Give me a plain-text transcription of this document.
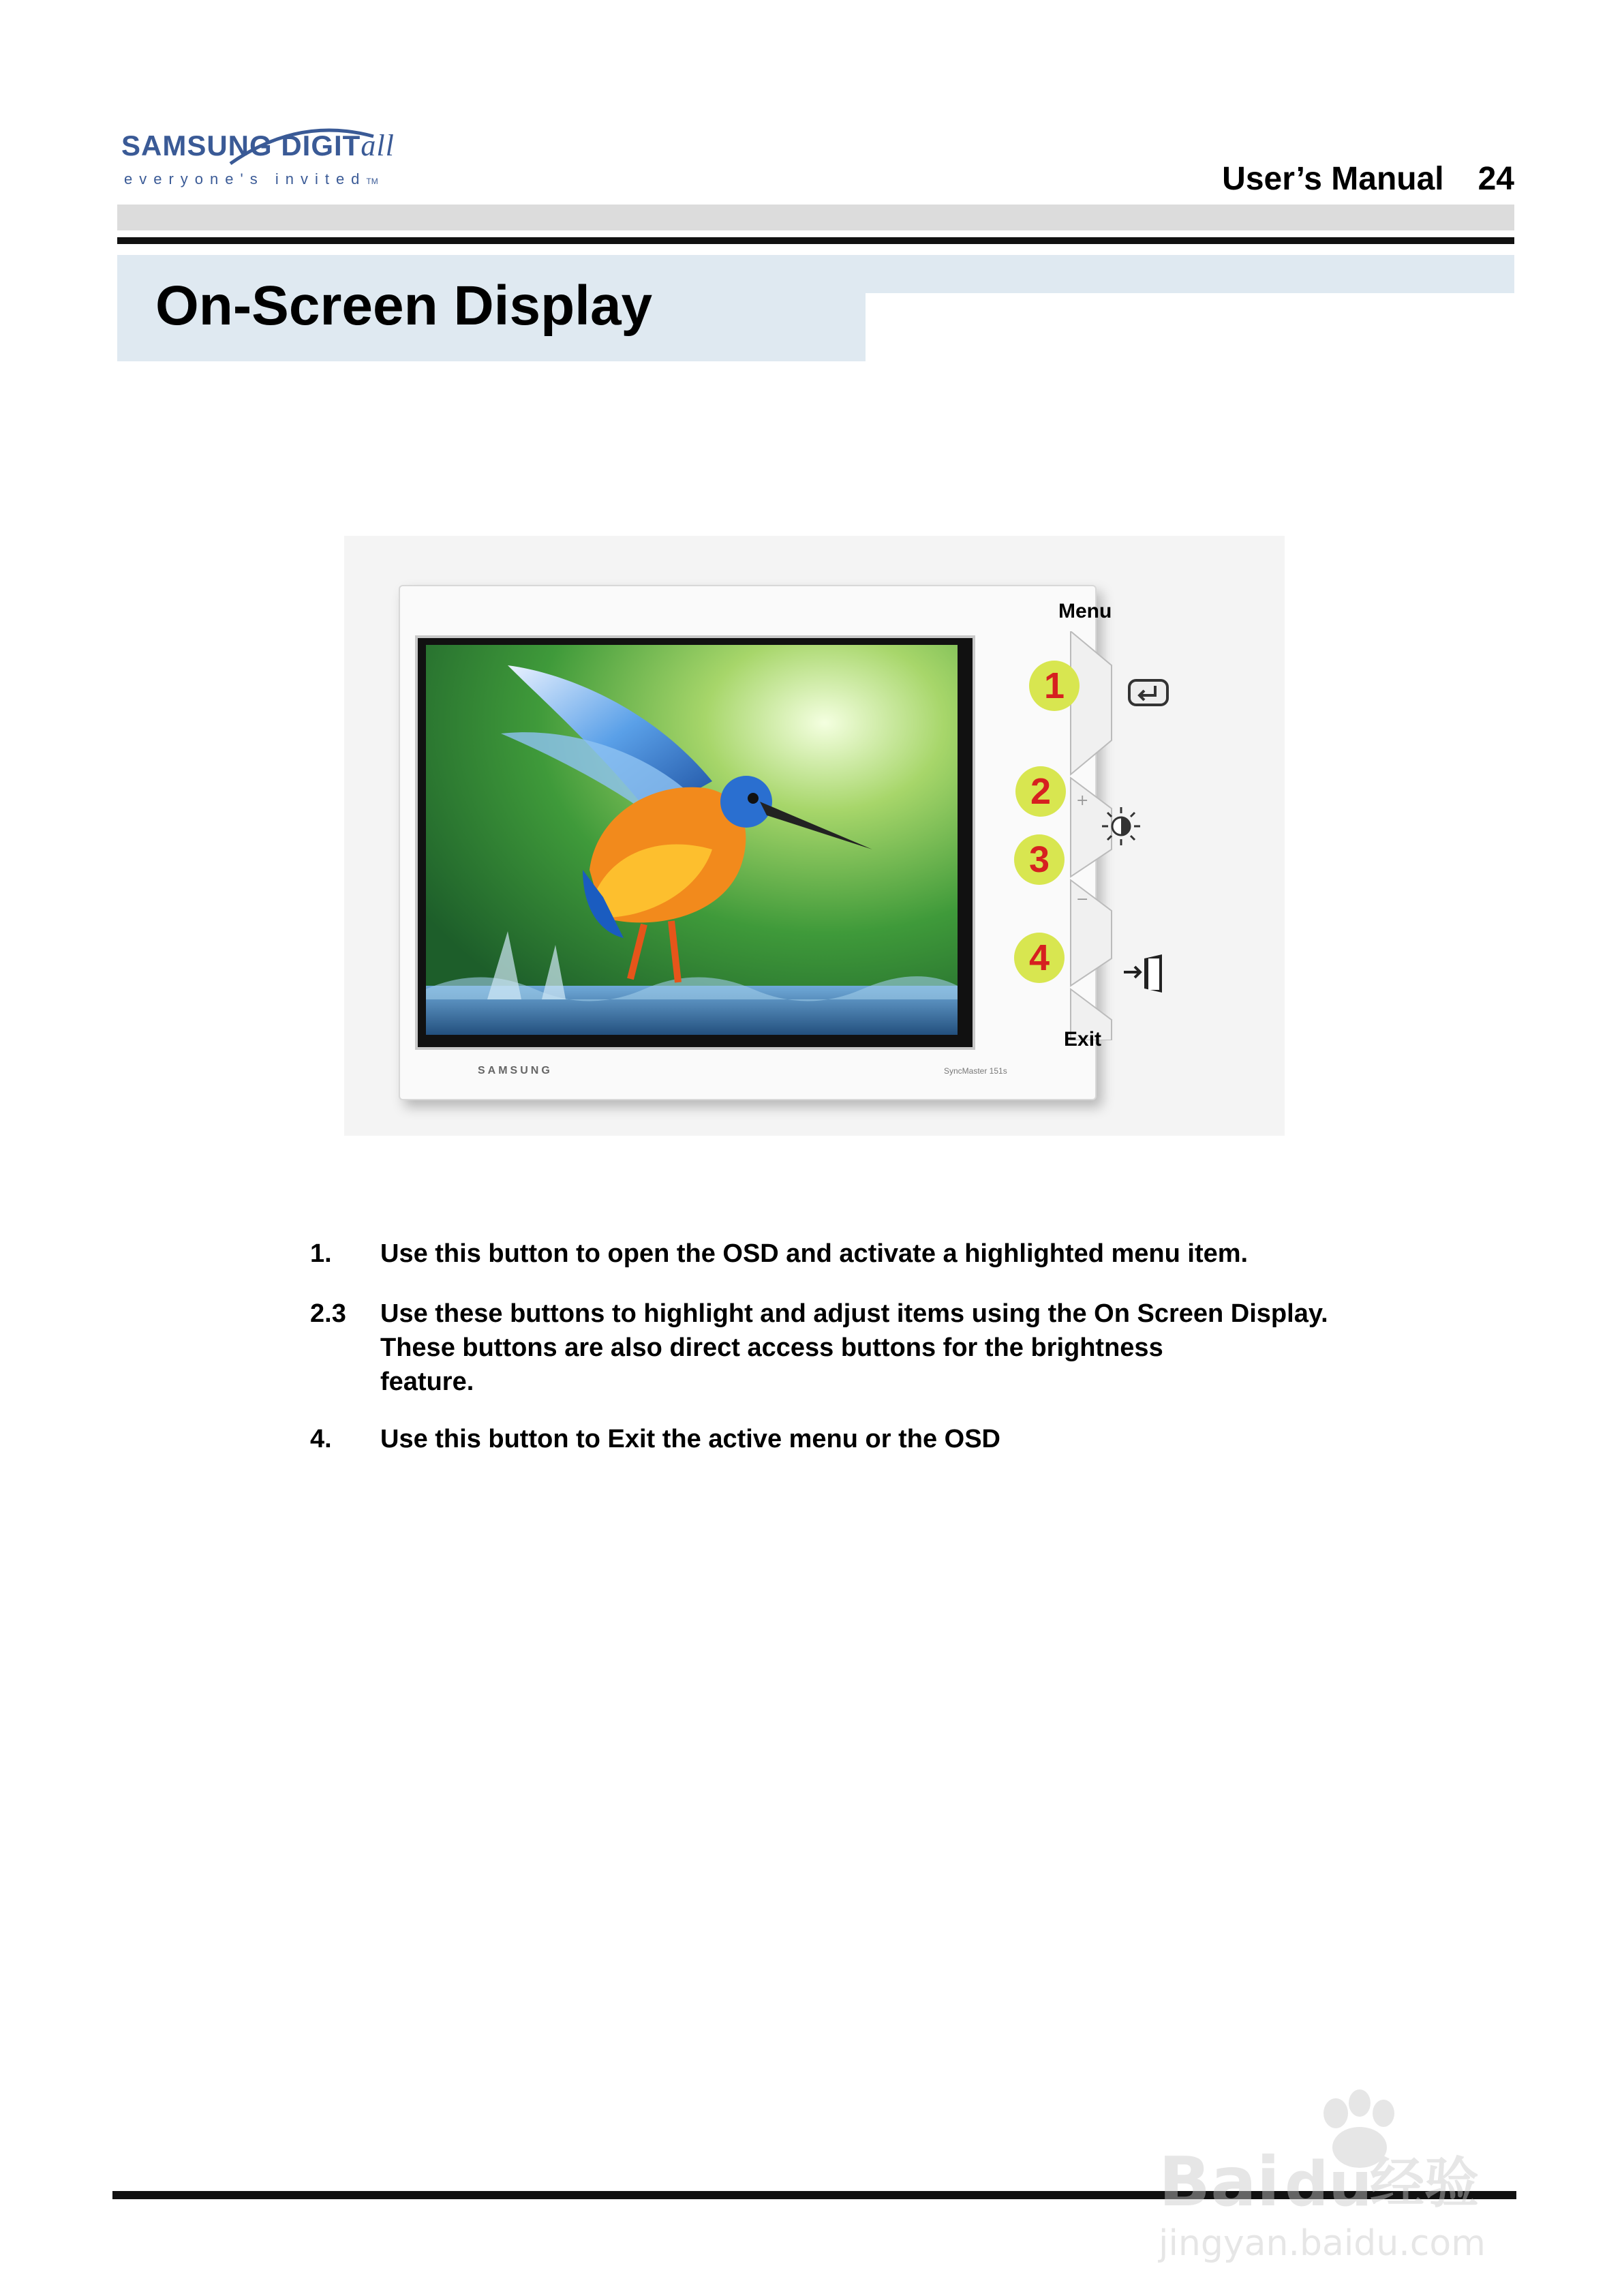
SAMSUNG DIGITall
everyone's invitedTM	User’s Manual 24
On-Screen Display
SAMSUNG	SyncMaster 151s
+
−
Menu
Exit
1
2
3
4
1.	Use this button to open the OSD and activate a highlighted menu item.
2.3	Use these buttons to highlight and adjust items using the On Screen Display.
These buttons are also direct access buttons for the brightness
feature.
4.	Use this button to Exit the active menu or the OSD
Bai du
经验
jingyan.baidu.com
